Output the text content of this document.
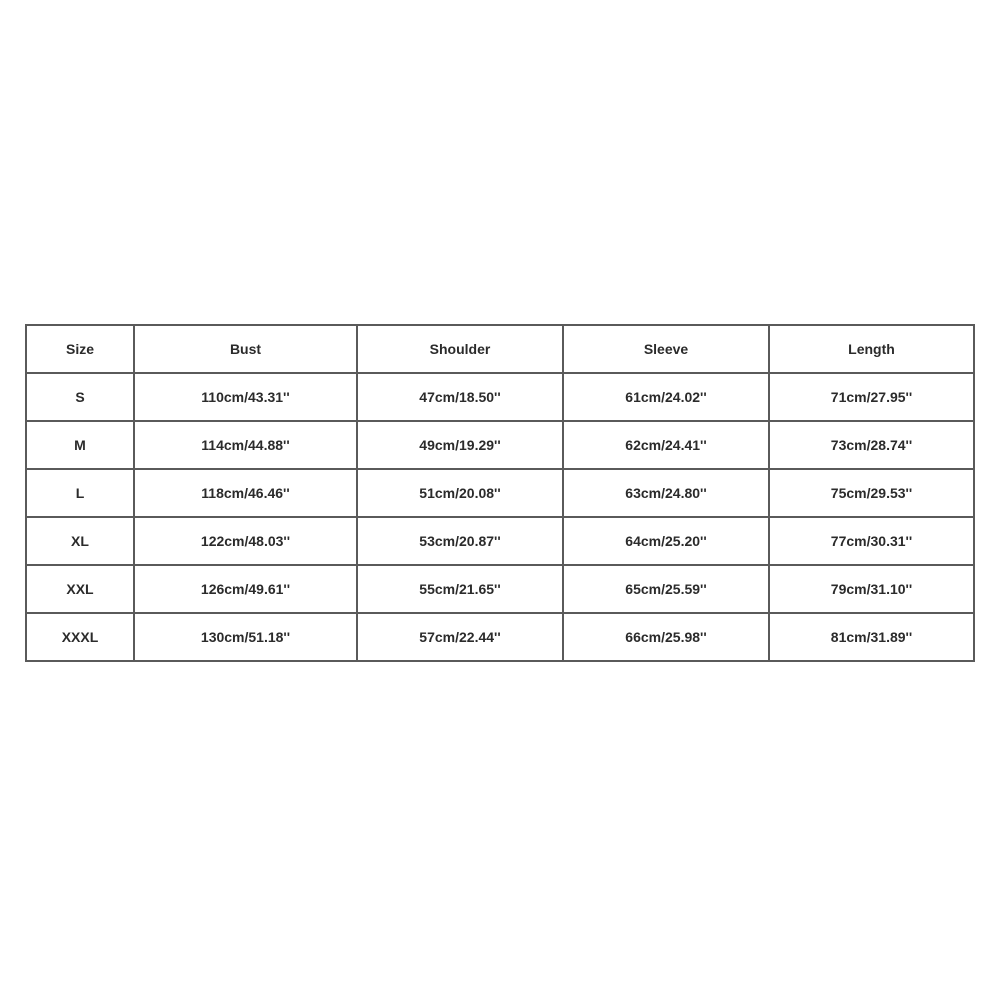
Size	Bust	Shoulder	Sleeve	Length
S	110cm/43.31''	47cm/18.50''	61cm/24.02''	71cm/27.95''
M	114cm/44.88''	49cm/19.29''	62cm/24.41''	73cm/28.74''
L	118cm/46.46''	51cm/20.08''	63cm/24.80''	75cm/29.53''
XL	122cm/48.03''	53cm/20.87''	64cm/25.20''	77cm/30.31''
XXL	126cm/49.61''	55cm/21.65''	65cm/25.59''	79cm/31.10''
XXXL	130cm/51.18''	57cm/22.44''	66cm/25.98''	81cm/31.89''
